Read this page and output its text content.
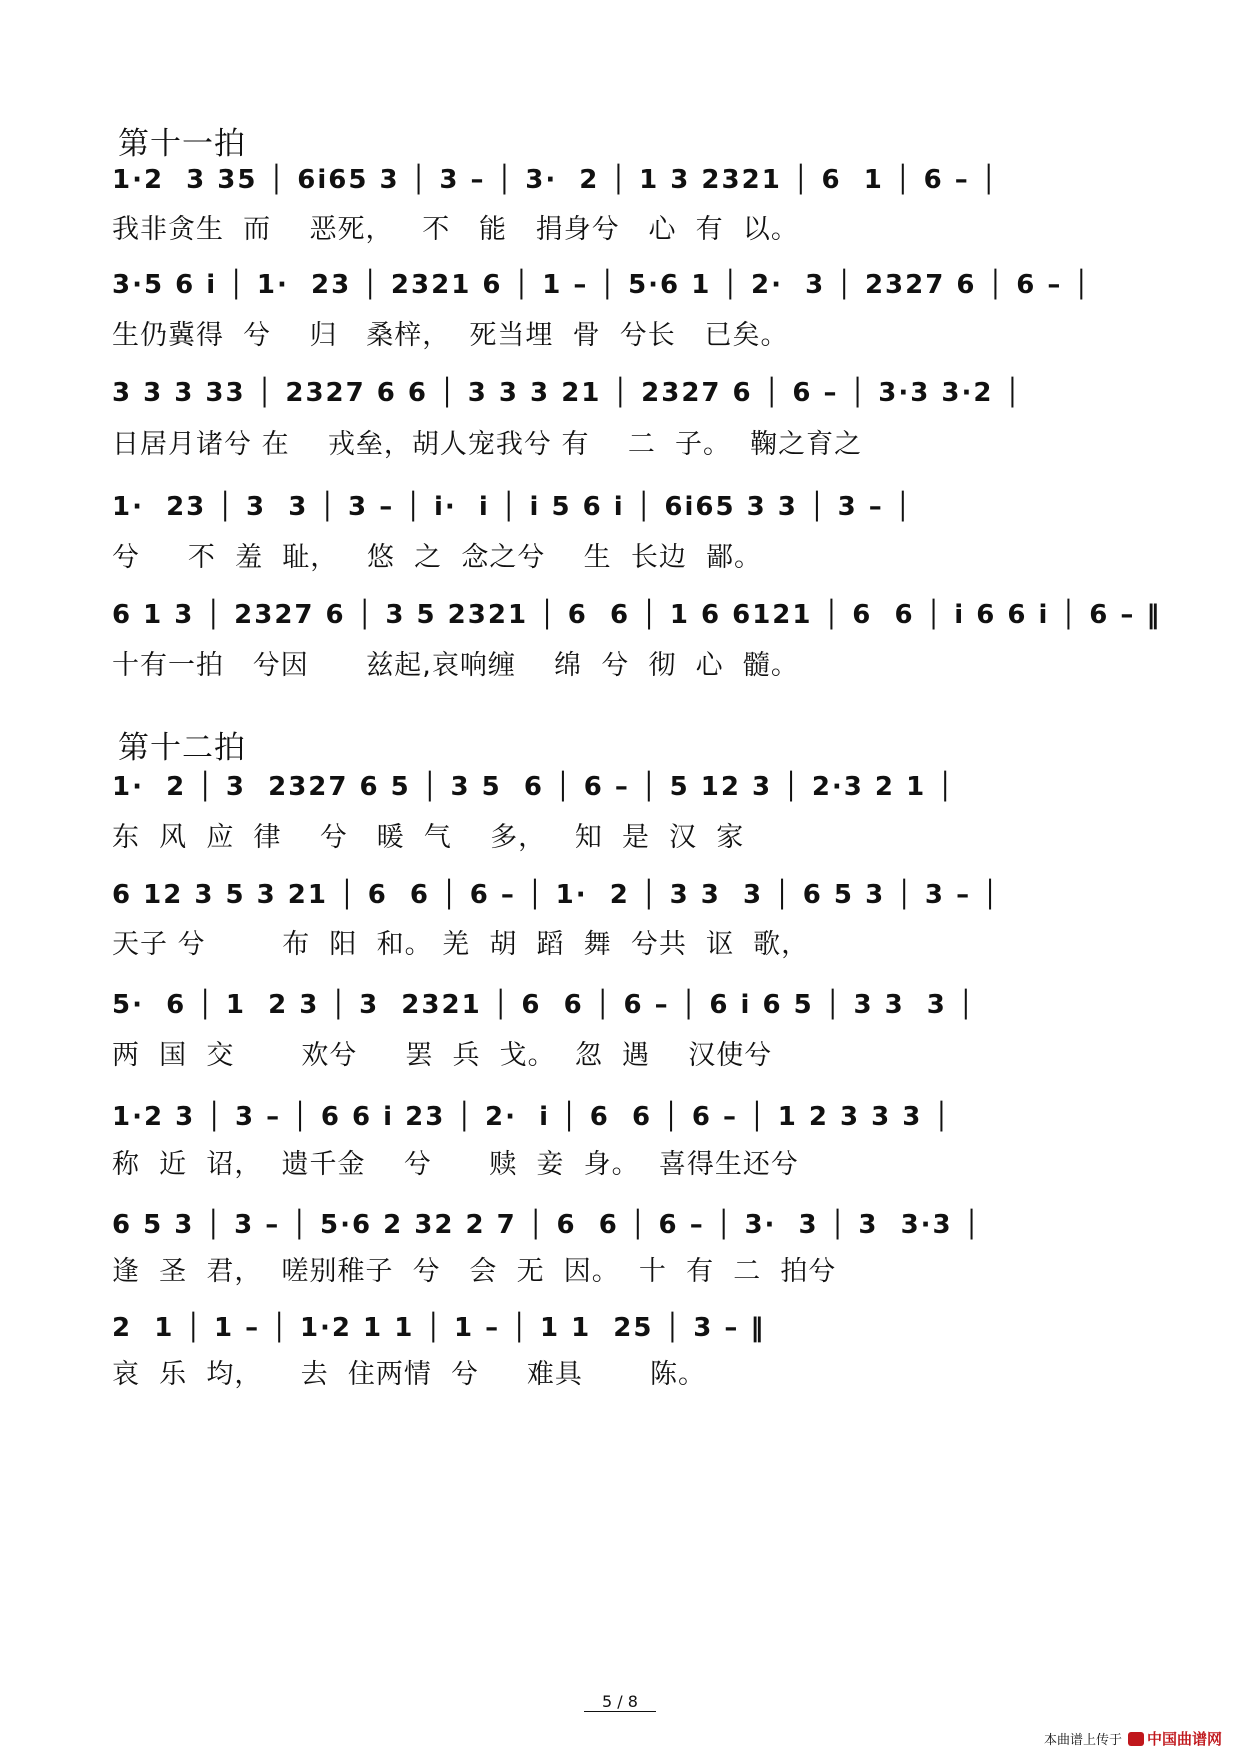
第十一拍
1·2  3 35 │ 6i65 3 │ 3 – │ 3·  2 │ 1 3 2321 │ 6  1 │ 6 – │
我非贪生  而    恶死，   不   能   捐身兮   心  有  以。
3·5 6 i │ 1·  23 │ 2321 6 │ 1 – │ 5·6 1 │ 2·  3 │ 2327 6 │ 6 – │
生仍冀得  兮    归   桑梓，  死当埋  骨  兮长   已矣。
3 3 3 33 │ 2327 6 6 │ 3 3 3 21 │ 2327 6 │ 6 – │ 3·3 3·2 │
日居月诸兮 在    戎垒，胡人宠我兮 有    二  子。  鞠之育之
1·  23 │ 3  3 │ 3 – │ i·  i │ i 5 6 i │ 6i65 3 3 │ 3 – │
兮     不  羞  耻，   悠  之  念之兮    生  长边  鄙。
6 1 3 │ 2327 6 │ 3 5 2321 │ 6  6 │ 1 6 6121 │ 6  6 │ i 6 6 i │ 6 – ‖
十有一拍   兮因      兹起,哀响缠    绵  兮  彻  心  髓。
第十二拍
1·  2 │ 3  2327 6 5 │ 3 5  6 │ 6 – │ 5 12 3 │ 2·3 2 1 │
东  风  应  律    兮   暖  气    多，   知  是  汉  家
6 12 3 5 3 21 │ 6  6 │ 6 – │ 1·  2 │ 3 3  3 │ 6 5 3 │ 3 – │
天子 兮        布  阳  和。 羌  胡  蹈  舞  兮共  讴  歌，
5·  6 │ 1  2 3 │ 3  2321 │ 6  6 │ 6 – │ 6 i 6 5 │ 3 3  3 │
两  国  交       欢兮     罢  兵  戈。  忽  遇    汉使兮
1·2 3 │ 3 – │ 6 6 i 23 │ 2·  i │ 6  6 │ 6 – │ 1 2 3 3 3 │
称  近  诏，  遗千金    兮      赎  妾  身。  喜得生还兮
6 5 3 │ 3 – │ 5·6 2 32 2 7 │ 6  6 │ 6 – │ 3·  3 │ 3  3·3 │
逢  圣  君，  嗟别稚子  兮   会  无  因。  十  有  二  拍兮
2  1 │ 1 – │ 1·2 1 1 │ 1 – │ 1 1  25 │ 3 – ‖
哀  乐  均，    去  住两情  兮     难具       陈。
5 / 8
本曲谱上传于 中国曲谱网
